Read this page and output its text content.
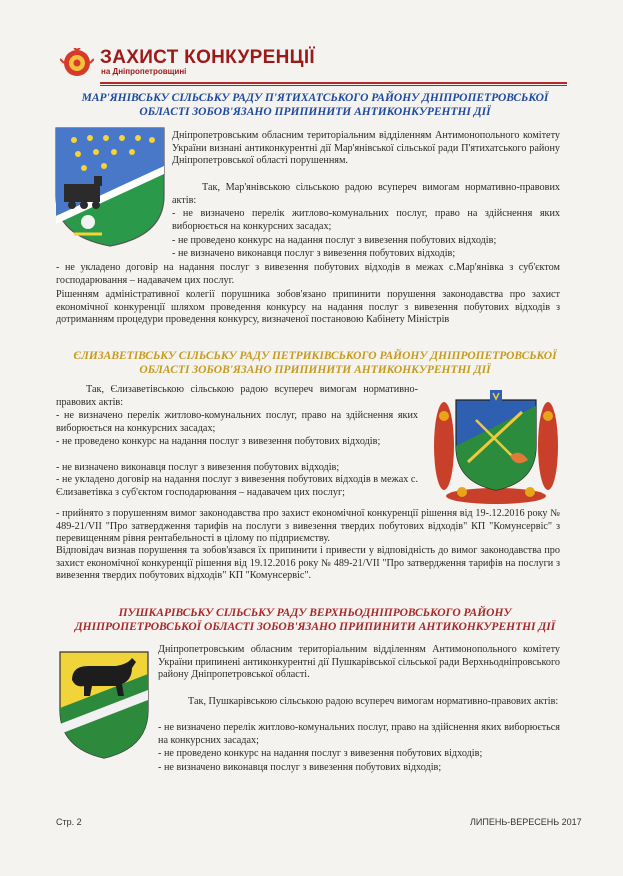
ЗАХИСТ КОНКУРЕНЦІЇ
на Дніпропетровщині
МАР'ЯНІВСЬКУ СІЛЬСЬКУ РАДУ П'ЯТИХАТСЬКОГО РАЙОНУ ДНІПРОПЕТРОВСЬКОЇ
ОБЛАСТІ ЗОБОВ'ЯЗАНО ПРИПИНИТИ АНТИКОНКУРЕНТНІ ДІЇ
Дніпропетровським обласним територіальним відділенням Антимонопольного комітету України визнані антиконкурентні дії Мар'янівської сільської ради П'ятихатського району Дніпропетровської області порушенням.
Так, Мар'янівською сільською радою всупереч вимогам нормативно-правових актів:
- не визначено перелік житлово-комунальних послуг, право на здійснення яких виборюється на конкурсних засадах;
- не проведено конкурс на надання послуг з вивезення побутових відходів;
- не визначено виконавця послуг з вивезення побутових відходів;
- не укладено договір на надання послуг з вивезення побутових відходів в межах с.Мар'янівка з суб'єктом господарювання – надавачем цих послуг.
Рішенням адміністративної колегії порушника зобов'язано припинити порушення законодавства про захист економічної конкуренції шляхом проведення конкурсу на надання послуг з вивезення побутових відходів з дотриманням процедури проведення конкурсу, визначеної постановою Кабінету Міністрів
ЄЛИЗАВЕТІВСЬКУ СІЛЬСЬКУ РАДУ ПЕТРИКІВСЬКОГО РАЙОНУ ДНІПРОПЕТРОВСЬКОЇ
ОБЛАСТІ ЗОБОВ'ЯЗАНО ПРИПИНИТИ АНТИКОНКУРЕНТНІ ДІЇ
Так, Єлизаветівською сільською радою всупереч вимогам нормативно-правових актів:
- не визначено перелік житлово-комунальних послуг, право на здійснення яких виборюється на конкурсних засадах;
- не проведено конкурс на надання послуг з вивезення побутових відходів;
- не визначено виконавця послуг з вивезення побутових відходів;
- не укладено договір на надання послуг з вивезення побутових відходів в межах с. Єлизаветівка з суб'єктом господарювання – надавачем цих послуг;
- прийнято з порушенням вимог законодавства про захист економічної конкуренції рішення від 19-.12.2016 року № 489-21/VII "Про затвердження тарифів на послуги з вивезення твердих побутових відходів" КП "Комунсервіс" з перевищенням рівня рентабельності в цілому по підприємству.
Відповідач визнав порушення та зобов'язався їх припинити і привести у відповідність до вимог законодавства про захист економічної конкуренції рішення від 19.12.2016 року № 489-21/VII "Про затвердження тарифів на послуги з вивезення твердих побутових відходів" КП "Комунсервіс".
ПУШКАРІВСЬКУ СІЛЬСЬКУ РАДУ ВЕРХНЬОДНІПРОВСЬКОГО РАЙОНУ
ДНІПРОПЕТРОВСЬКОЇ ОБЛАСТІ ЗОБОВ'ЯЗАНО ПРИПИНИТИ АНТИКОНКУРЕНТНІ ДІЇ
Дніпропетровським обласним територіальним відділенням Антимонопольного комітету України припинені антиконкурентні дії Пушкарівської сільської ради Верхньодніпровського району Дніпропетровської області.
Так, Пушкарівською сільською радою всупереч вимогам нормативно-правових актів:
- не визначено перелік житлово-комунальних послуг, право на здійснення яких виборюється на конкурсних засадах;
- не проведено конкурс на надання послуг з вивезення побутових відходів;
- не визначено виконавця послуг з вивезення побутових відходів;
Стр. 2	ЛИПЕНЬ-ВЕРЕСЕНЬ 2017
